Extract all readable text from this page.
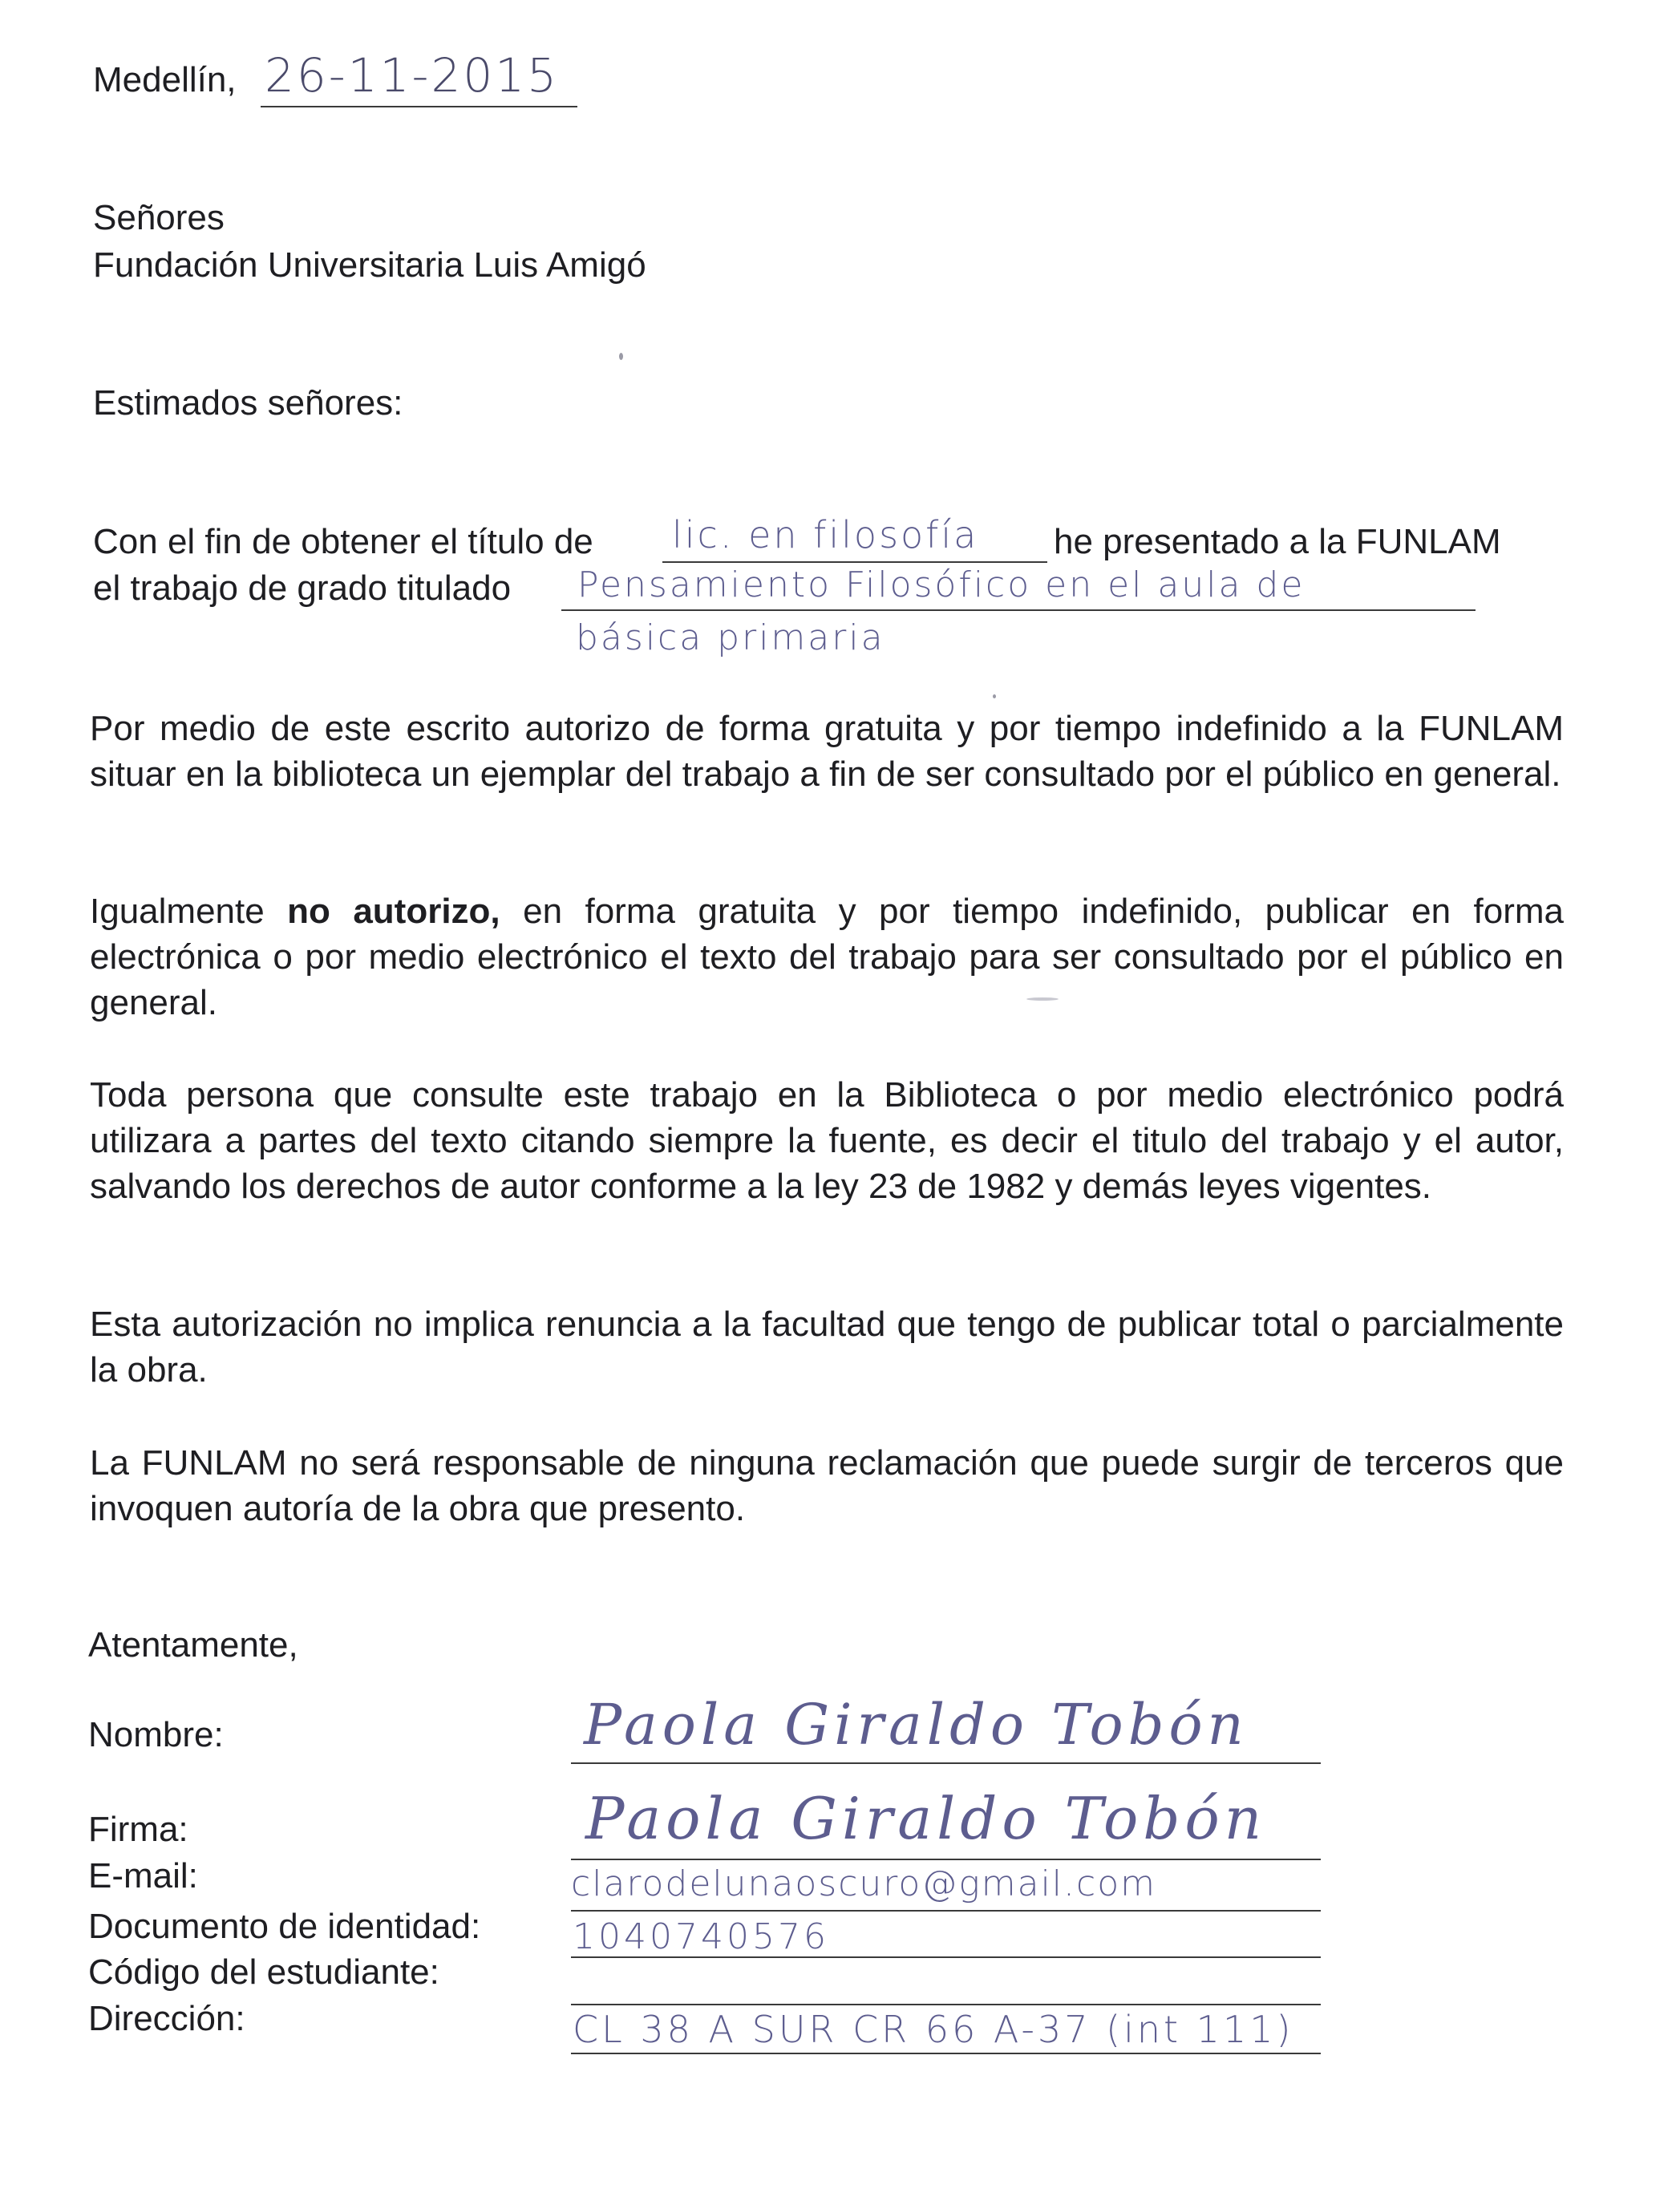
Medellín, 26-11-2015
Señores
Fundación Universitaria Luis Amigó
Estimados señores:
Con el fin de obtener el título de lic. en filosofía he presentado a la FUNLAM
el trabajo de grado titulado Pensamiento Filosófico en el aula de
básica primaria
Por medio de este escrito autorizo de forma gratuita y por tiempo indefinido a la FUNLAM situar en la biblioteca un ejemplar del trabajo a fin de ser consultado por el público en general.
Igualmente no autorizo, en forma gratuita y por tiempo indefinido, publicar en forma electrónica o por medio electrónico el texto del trabajo para ser consultado por el público en general.
Toda persona que consulte este trabajo en la Biblioteca o por medio electrónico podrá utilizara a partes del texto citando siempre la fuente, es decir el titulo del trabajo y el autor, salvando los derechos de autor conforme a la ley 23 de 1982 y demás leyes vigentes.
Esta autorización no implica renuncia a la facultad que tengo de publicar total o parcialmente la obra.
La FUNLAM no será responsable de ninguna reclamación que puede surgir de terceros que invoquen autoría de la obra que presento.
Atentamente,
Nombre:	Paola Giraldo Tobón
Firma:	Paola Giraldo Tobón
E-mail:	clarodelunaoscuro@gmail.com
Documento de identidad:	1040740576
Código del estudiante:
Dirección:	CL 38 A SUR CR 66 A-37 (int 111)
